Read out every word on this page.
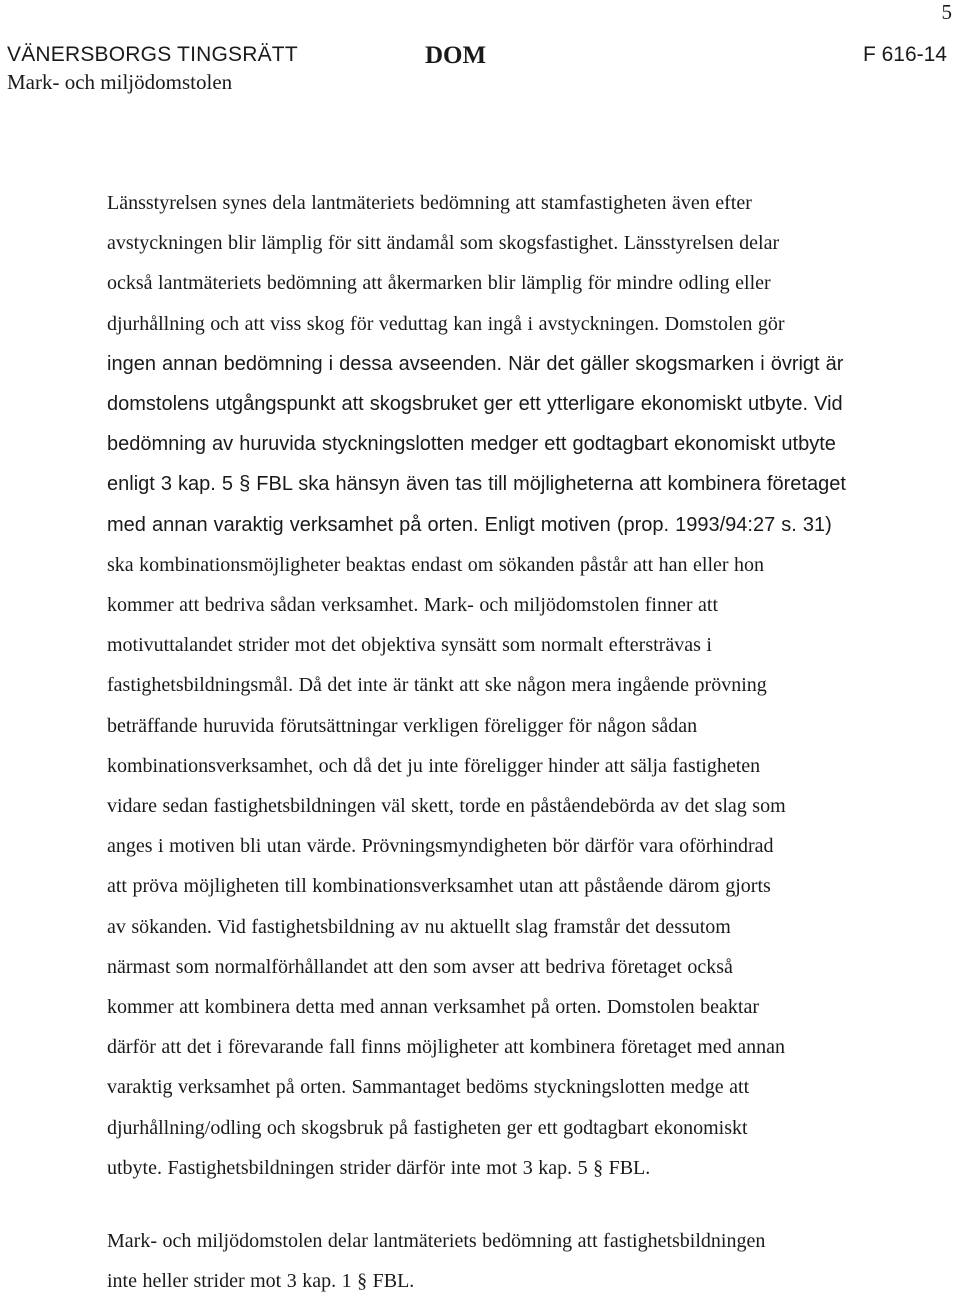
5
VÄNERSBORGS TINGSRÄTT
Mark- och miljödomstolen
DOM	F 616-14

Länsstyrelsen synes dela lantmäteriets bedömning att stamfastigheten även efter
avstyckningen blir lämplig för sitt ändamål som skogsfastighet. Länsstyrelsen delar
också lantmäteriets bedömning att åkermarken blir lämplig för mindre odling eller
djurhållning och att viss skog för veduttag kan ingå i avstyckningen. Domstolen gör
ingen annan bedömning i dessa avseenden. När det gäller skogsmarken i övrigt är
domstolens utgångspunkt att skogsbruket ger ett ytterligare ekonomiskt utbyte. Vid
bedömning av huruvida styckningslotten medger ett godtagbart ekonomiskt utbyte
enligt 3 kap. 5 § FBL ska hänsyn även tas till möjligheterna att kombinera företaget
med annan varaktig verksamhet på orten. Enligt motiven (prop. 1993/94:27 s. 31)
ska kombinationsmöjligheter beaktas endast om sökanden påstår att han eller hon
kommer att bedriva sådan verksamhet. Mark- och miljödomstolen finner att
motivuttalandet strider mot det objektiva synsätt som normalt eftersträvas i
fastighetsbildningsmål. Då det inte är tänkt att ske någon mera ingående prövning
beträffande huruvida förutsättningar verkligen föreligger för någon sådan
kombinationsverksamhet, och då det ju inte föreligger hinder att sälja fastigheten
vidare sedan fastighetsbildningen väl skett, torde en påståendebörda av det slag som
anges i motiven bli utan värde. Prövningsmyndigheten bör därför vara oförhindrad
att pröva möjligheten till kombinationsverksamhet utan att påstående därom gjorts
av sökanden. Vid fastighetsbildning av nu aktuellt slag framstår det dessutom
närmast som normalförhållandet att den som avser att bedriva företaget också
kommer att kombinera detta med annan verksamhet på orten. Domstolen beaktar
därför att det i förevarande fall finns möjligheter att kombinera företaget med annan
varaktig verksamhet på orten. Sammantaget bedöms styckningslotten medge att
djurhållning/odling och skogsbruk på fastigheten ger ett godtagbart ekonomiskt
utbyte. Fastighetsbildningen strider därför inte mot 3 kap. 5 § FBL.

Mark- och miljödomstolen delar lantmäteriets bedömning att fastighetsbildningen
inte heller strider mot 3 kap. 1 § FBL.
